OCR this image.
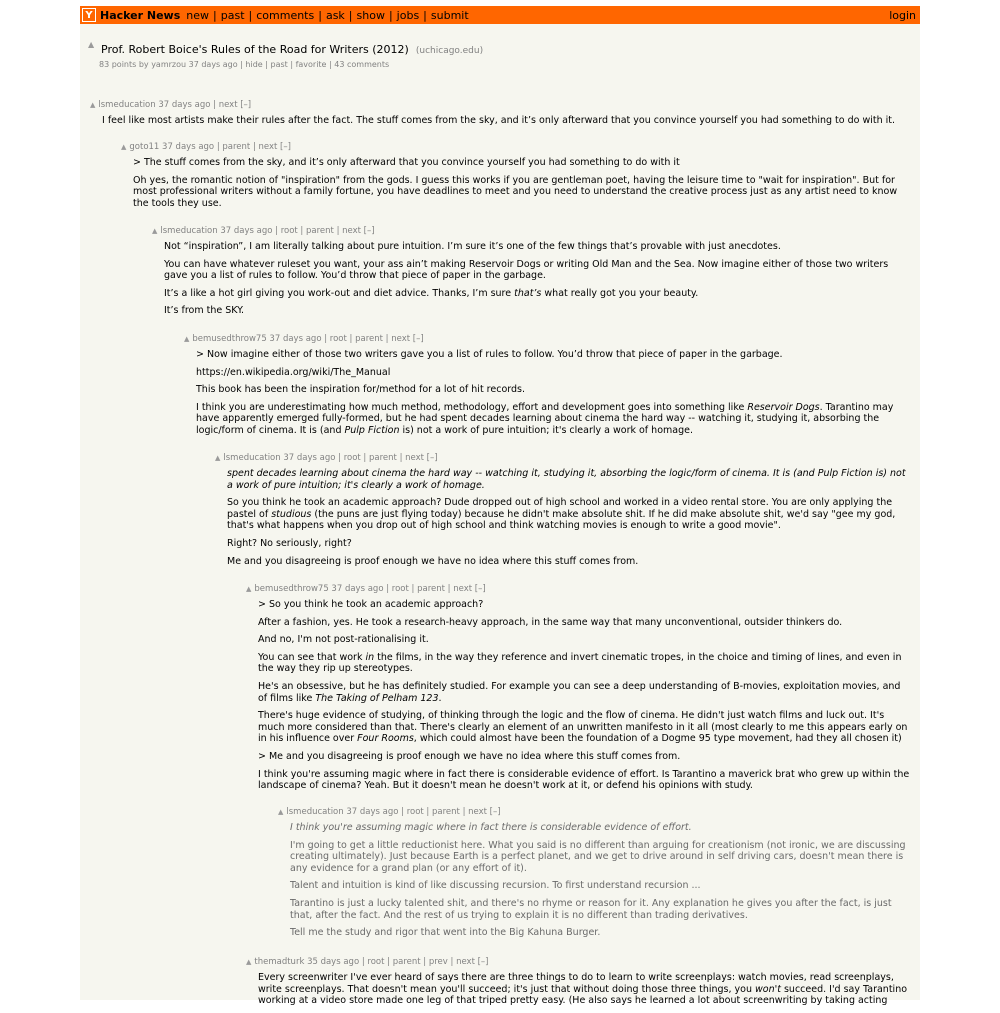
Y Hacker News new | past | comments | ask | show | jobs | submit	login
▲ Prof. Robert Boice's Rules of the Road for Writers (2012) (uchicago.edu)
83 points by yamrzou 37 days ago | hide | past | favorite | 43 comments
▲ lsmeducation 37 days ago | next [–]

I feel like most artists make their rules after the fact. The stuff comes from the sky, and it’s only afterward that you convince yourself you had something to do with it.

▲ goto11 37 days ago | parent | next [–]

> The stuff comes from the sky, and it’s only afterward that you convince yourself you had something to do with it

Oh yes, the romantic notion of "inspiration" from the gods. I guess this works if you are gentleman poet, having the leisure time to "wait for inspiration". But for most professional writers without a family fortune, you have deadlines to meet and you need to understand the creative process just as any artist need to know the tools they use.

▲ lsmeducation 37 days ago | root | parent | next [–]

Not “inspiration”, I am literally talking about pure intuition. I’m sure it’s one of the few things that’s provable with just anecdotes.

You can have whatever ruleset you want, your ass ain’t making Reservoir Dogs or writing Old Man and the Sea. Now imagine either of those two writers gave you a list of rules to follow. You’d throw that piece of paper in the garbage.

It’s a like a hot girl giving you work-out and diet advice. Thanks, I’m sure that’s what really got you your beauty.

It’s from the SKY.

▲ bemusedthrow75 37 days ago | root | parent | next [–]

> Now imagine either of those two writers gave you a list of rules to follow. You’d throw that piece of paper in the garbage.

https://en.wikipedia.org/wiki/The_Manual

This book has been the inspiration for/method for a lot of hit records.

I think you are underestimating how much method, methodology, effort and development goes into something like Reservoir Dogs. Tarantino may have apparently emerged fully-formed, but he had spent decades learning about cinema the hard way -- watching it, studying it, absorbing the logic/form of cinema. It is (and Pulp Fiction is) not a work of pure intuition; it's clearly a work of homage.

▲ lsmeducation 37 days ago | root | parent | next [–]

spent decades learning about cinema the hard way -- watching it, studying it, absorbing the logic/form of cinema. It is (and Pulp Fiction is) not a work of pure intuition; it's clearly a work of homage.

So you think he took an academic approach? Dude dropped out of high school and worked in a video rental store. You are only applying the pastel of studious (the puns are just flying today) because he didn't make absolute shit. If he did make absolute shit, we'd say "gee my god, that's what happens when you drop out of high school and think watching movies is enough to write a good movie".

Right? No seriously, right?

Me and you disagreeing is proof enough we have no idea where this stuff comes from.

▲ bemusedthrow75 37 days ago | root | parent | next [–]

> So you think he took an academic approach?

After a fashion, yes. He took a research-heavy approach, in the same way that many unconventional, outsider thinkers do.

And no, I'm not post-rationalising it.

You can see that work in the films, in the way they reference and invert cinematic tropes, in the choice and timing of lines, and even in the way they rip up stereotypes.

He's an obsessive, but he has definitely studied. For example you can see a deep understanding of B-movies, exploitation movies, and of films like The Taking of Pelham 123.

There's huge evidence of studying, of thinking through the logic and the flow of cinema. He didn't just watch films and luck out. It's much more considered than that. There's clearly an element of an unwritten manifesto in it all (most clearly to me this appears early on in his influence over Four Rooms, which could almost have been the foundation of a Dogme 95 type movement, had they all chosen it)

> Me and you disagreeing is proof enough we have no idea where this stuff comes from.

I think you're assuming magic where in fact there is considerable evidence of effort. Is Tarantino a maverick brat who grew up within the landscape of cinema? Yeah. But it doesn't mean he doesn't work at it, or defend his opinions with study.

▲ lsmeducation 37 days ago | root | parent | next [–]

I think you're assuming magic where in fact there is considerable evidence of effort.

I'm going to get a little reductionist here. What you said is no different than arguing for creationism (not ironic, we are discussing creating ultimately). Just because Earth is a perfect planet, and we get to drive around in self driving cars, doesn't mean there is any evidence for a grand plan (or any effort of it).

Talent and intuition is kind of like discussing recursion. To first understand recursion ...

Tarantino is just a lucky talented shit, and there's no rhyme or reason for it. Any explanation he gives you after the fact, is just that, after the fact. And the rest of us trying to explain it is no different than trading derivatives.

Tell me the study and rigor that went into the Big Kahuna Burger.

▲ themadturk 35 days ago | root | parent | prev | next [–]

Every screenwriter I've ever heard of says there are three things to do to learn to write screenplays: watch movies, read screenplays, write screenplays. That doesn't mean you'll succeed; it's just that without doing those three things, you won't succeed. I'd say Tarantino working at a video store made one leg of that triped pretty easy. (He also says he learned a lot about screenwriting by taking acting
